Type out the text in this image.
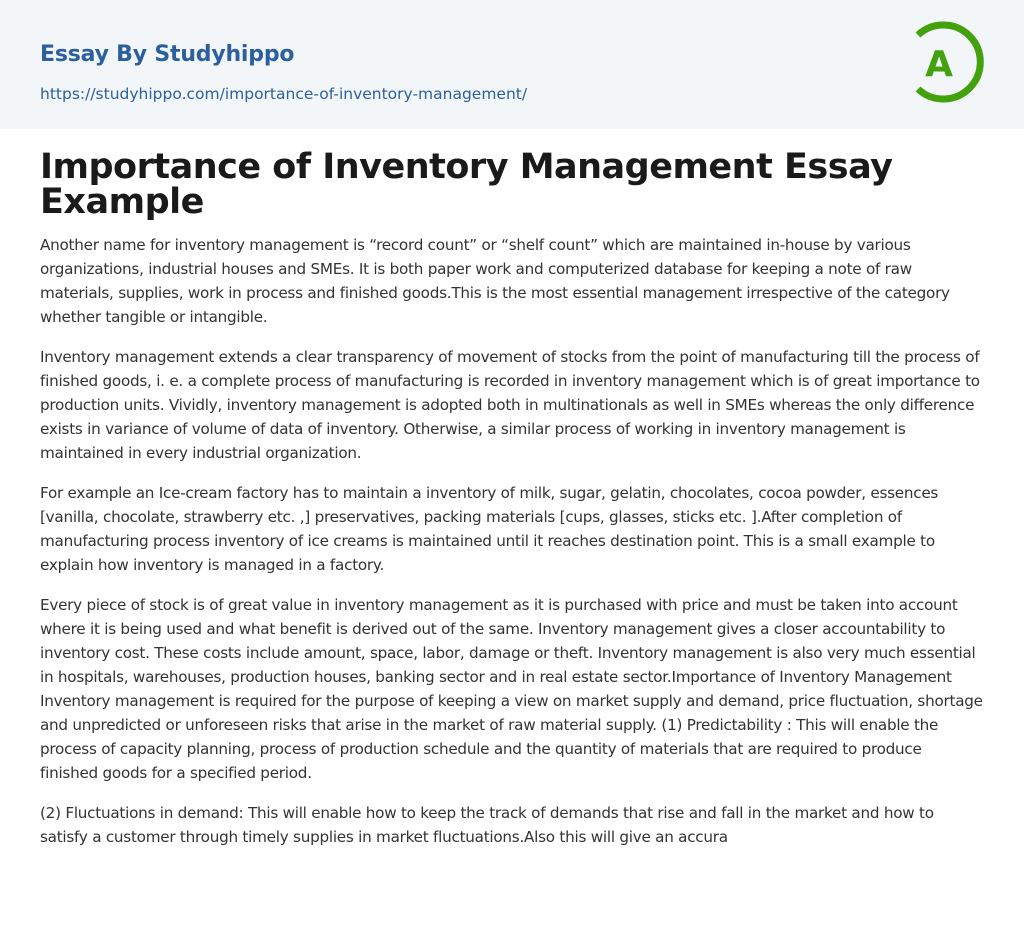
Essay By Studyhippo
https://studyhippo.com/importance-of-inventory-management/
A
Importance of Inventory Management Essay Example

Another name for inventory management is “record count” or “shelf count” which are maintained in-house by various organizations, industrial houses and SMEs. It is both paper work and computerized database for keeping a note of raw materials, supplies, work in process and finished goods.This is the most essential management irrespective of the category whether tangible or intangible.

Inventory management extends a clear transparency of movement of stocks from the point of manufacturing till the process of finished goods, i. e. a complete process of manufacturing is recorded in inventory management which is of great importance to production units. Vividly, inventory management is adopted both in multinationals as well in SMEs whereas the only difference exists in variance of volume of data of inventory. Otherwise, a similar process of working in inventory management is maintained in every industrial organization.

For example an Ice-cream factory has to maintain a inventory of milk, sugar, gelatin, chocolates, cocoa powder, essences [vanilla, chocolate, strawberry etc. ,] preservatives, packing materials [cups, glasses, sticks etc. ].After completion of manufacturing process inventory of ice creams is maintained until it reaches destination point. This is a small example to explain how inventory is managed in a factory.

Every piece of stock is of great value in inventory management as it is purchased with price and must be taken into account where it is being used and what benefit is derived out of the same. Inventory management gives a closer accountability to inventory cost. These costs include amount, space, labor, damage or theft. Inventory management is also very much essential in hospitals, warehouses, production houses, banking sector and in real estate sector.Importance of Inventory Management Inventory management is required for the purpose of keeping a view on market supply and demand, price fluctuation, shortage and unpredicted or unforeseen risks that arise in the market of raw material supply. (1) Predictability : This will enable the process of capacity planning, process of production schedule and the quantity of materials that are required to produce finished goods for a specified period.

(2) Fluctuations in demand: This will enable how to keep the track of demands that rise and fall in the market and how to satisfy a customer through timely supplies in market fluctuations.Also this will give an accura
